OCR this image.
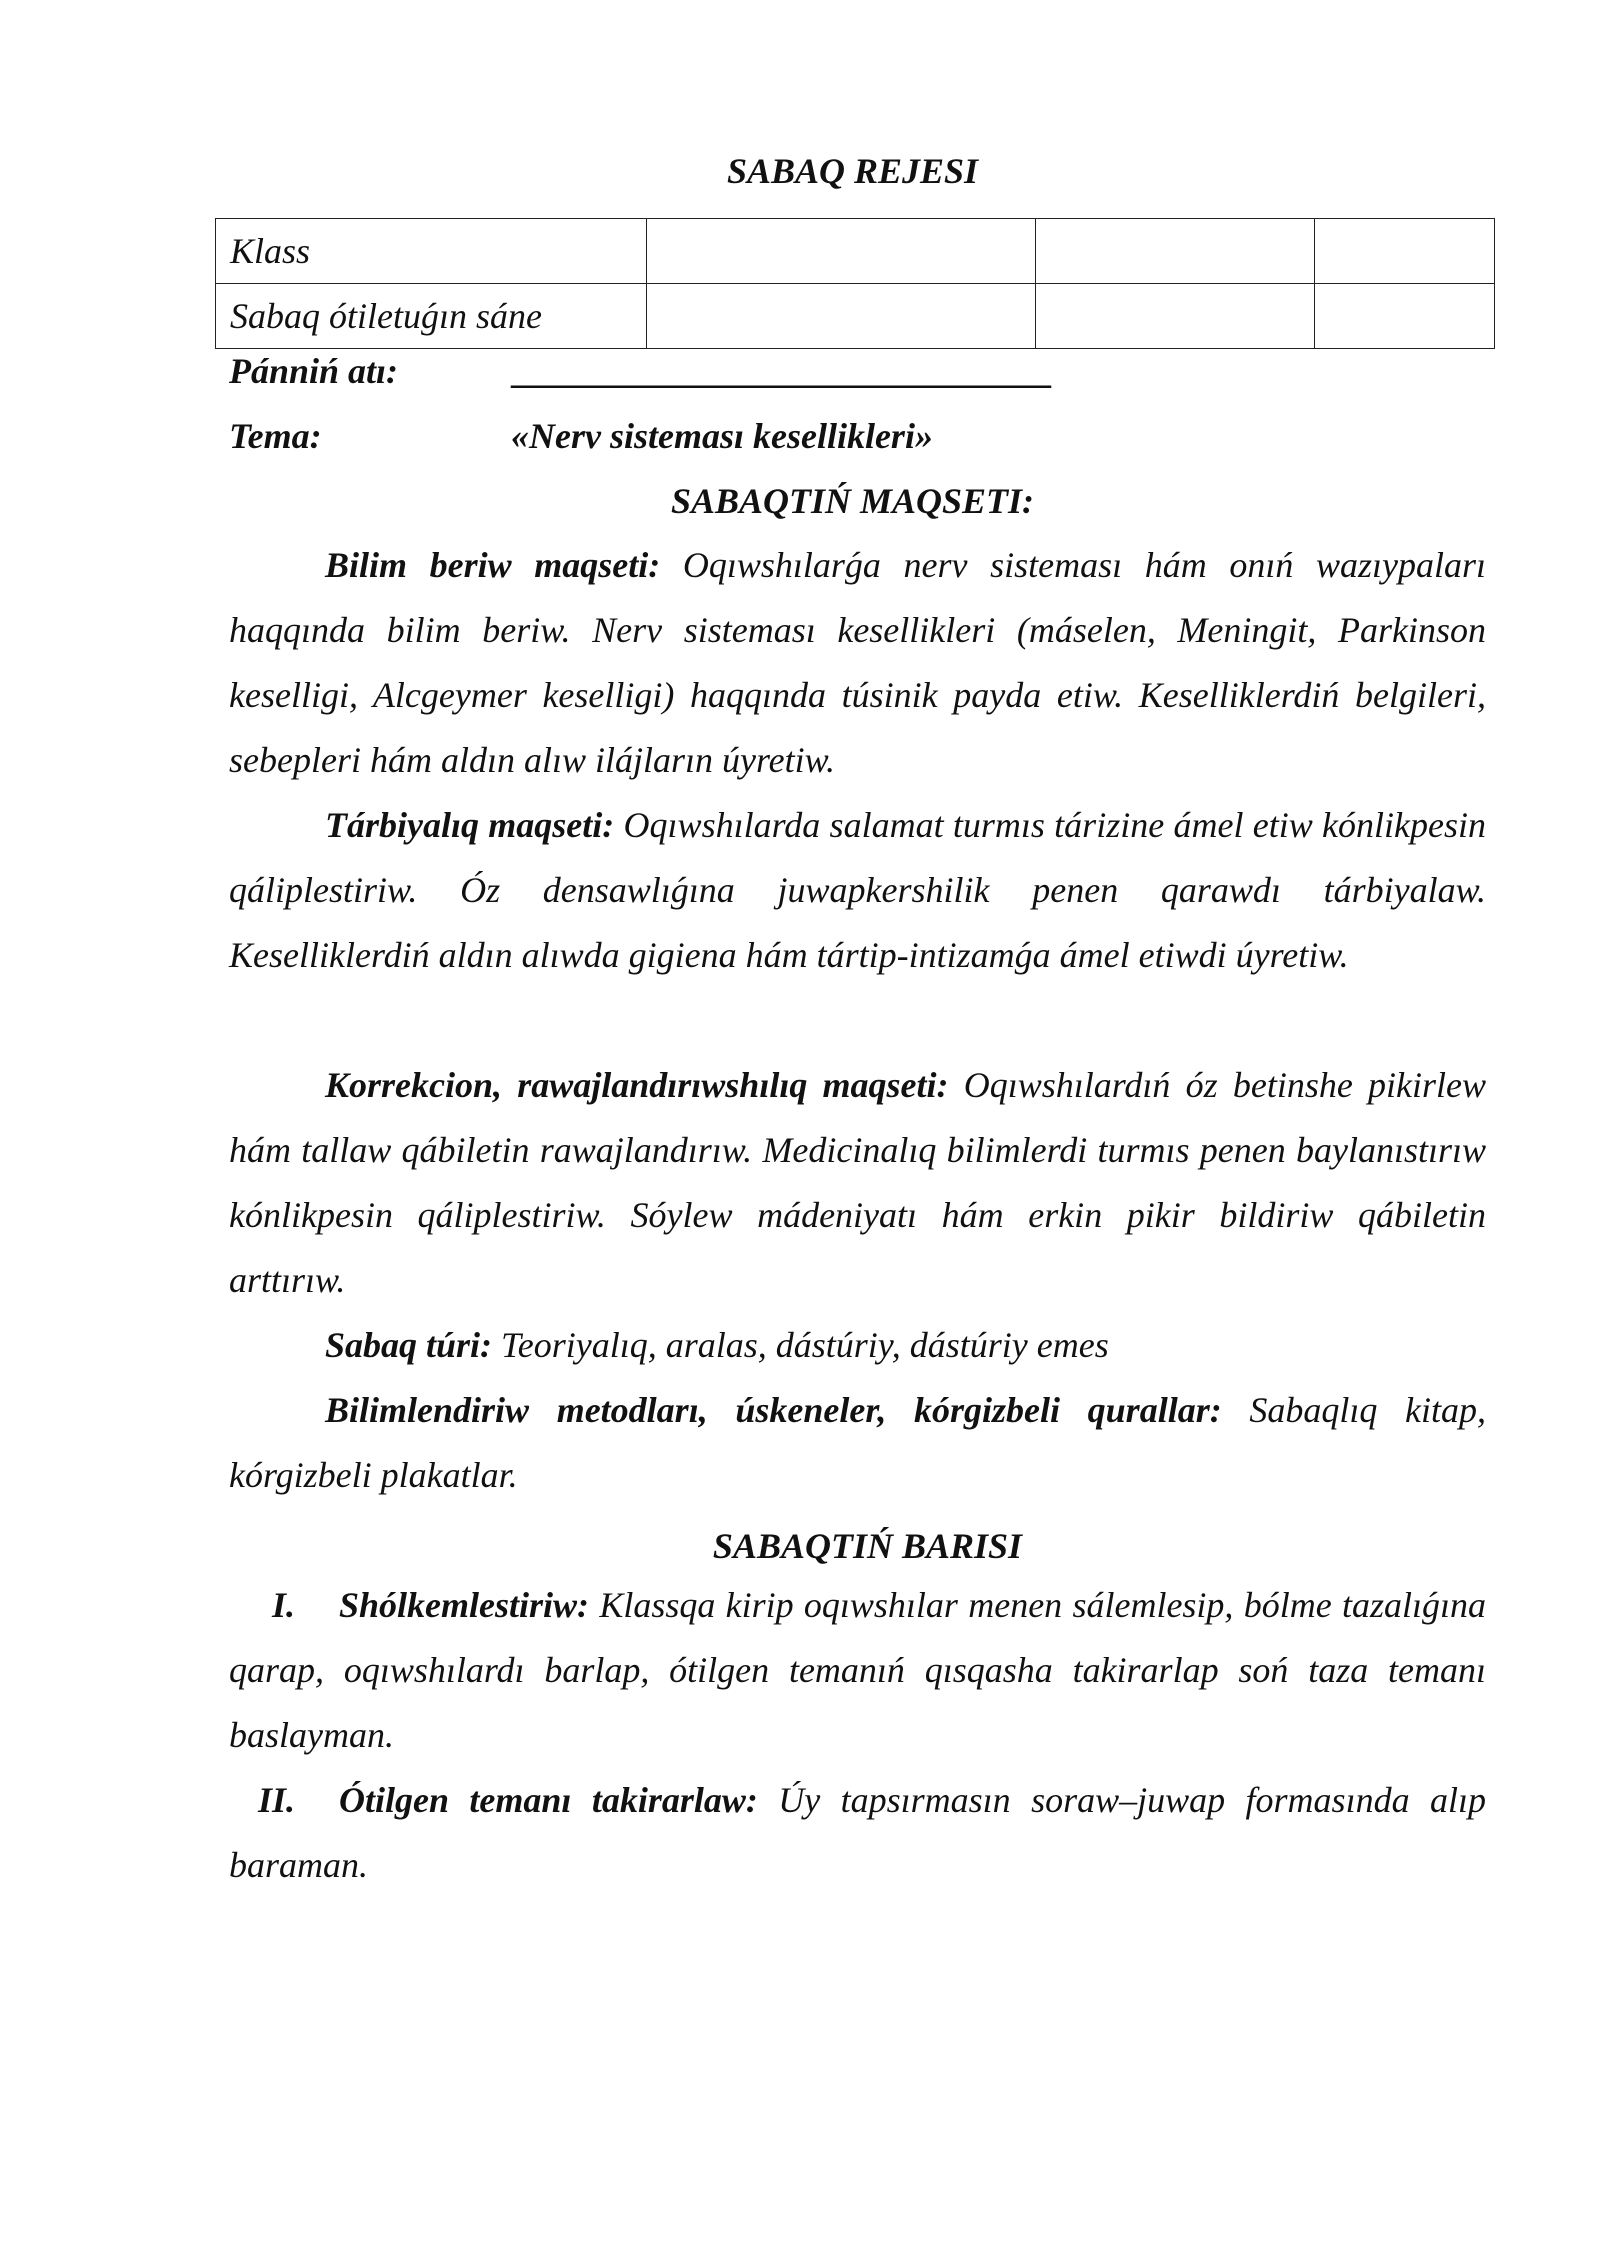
SABAQ REJESI
Klass			
Sabaq ótiletuǵın sáne			
Pánniń atı:	______________________________
Tema:	«Nerv sisteması kesellikleri»
SABAQTIŃ MAQSETI:
Bilim beriw maqseti: Oqıwshılarǵa nerv sisteması hám onıń wazıypaları haqqında bilim beriw. Nerv sisteması kesellikleri (máselen, Meningit, Parkinson keselligi, Alcgeymer keselligi) haqqında túsinik payda etiw. Keselliklerdiń belgileri, sebepleri hám aldın alıw ilájların úyretiw.
Tárbiyalıq maqseti: Oqıwshılarda salamat turmıs tárizine ámel etiw kónlikpesin qáliplestiriw. Óz densawlıǵına juwapkershilik penen qarawdı tárbiyalaw. Keselliklerdiń aldın alıwda gigiena hám tártip-intizamǵa ámel etiwdi úyretiw.
Korrekcion, rawajlandırıwshılıq maqseti: Oqıwshılardıń óz betinshe pikirlew hám tallaw qábiletin rawajlandırıw. Medicinalıq bilimlerdi turmıs penen baylanıstırıw kónlikpesin qáliplestiriw. Sóylew mádeniyatı hám erkin pikir bildiriw qábiletin arttırıw.
Sabaq túri: Teoriyalıq, aralas, dástúriy, dástúriy emes
Bilimlendiriw metodları, úskeneler, kórgizbeli qurallar: Sabaqlıq kitap, kórgizbeli plakatlar.
SABAQTIŃ BARISI
I. Shólkemlestiriw: Klassqa kirip oqıwshılar menen sálemlesip, bólme tazalıǵına qarap, oqıwshılardı barlap, ótilgen temanıń qısqasha takirarlap soń taza temanı baslayman.
II. Ótilgen temanı takirarlaw: Úy tapsırmasın soraw–juwap formasında alıp baraman.
